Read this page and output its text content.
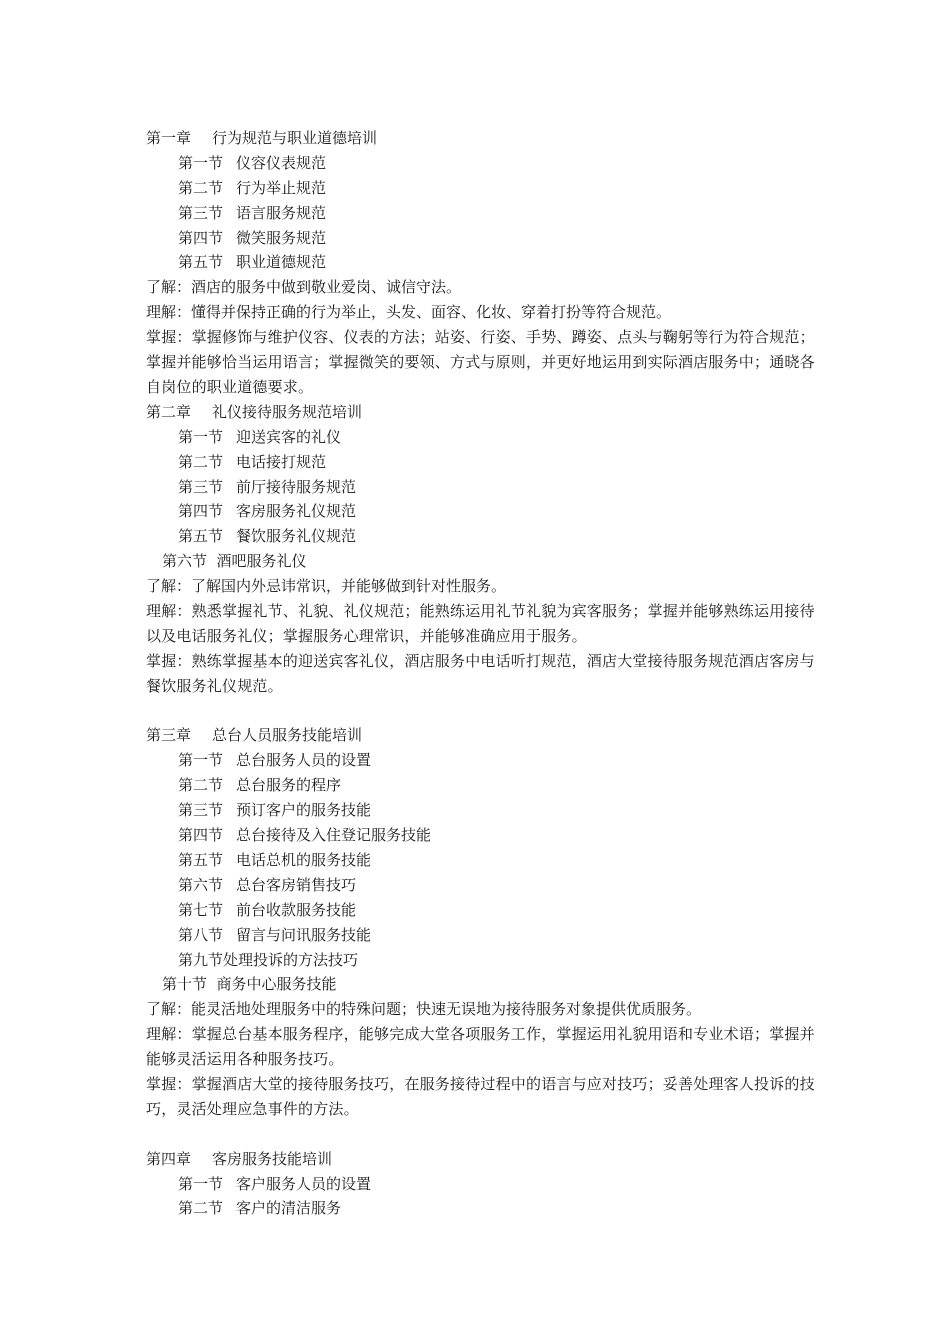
第一章 行为规范与职业道德培训
第一节 仪容仪表规范
第二节 行为举止规范
第三节 语言服务规范
第四节 微笑服务规范
第五节 职业道德规范
了解：酒店的服务中做到敬业爱岗、诚信守法。
理解：懂得并保持正确的行为举止，头发、面容、化妆、穿着打扮等符合规范。
掌握：掌握修饰与维护仪容、仪表的方法；站姿、行姿、手势、蹲姿、点头与鞠躬等行为符合规范；掌握并能够恰当运用语言；掌握微笑的要领、方式与原则，并更好地运用到实际酒店服务中；通晓各自岗位的职业道德要求。
第二章 礼仪接待服务规范培训
第一节 迎送宾客的礼仪
第二节 电话接打规范
第三节 前厅接待服务规范
第四节 客房服务礼仪规范
第五节 餐饮服务礼仪规范
第六节  酒吧服务礼仪
了解：了解国内外忌讳常识，并能够做到针对性服务。
理解：熟悉掌握礼节、礼貌、礼仪规范；能熟练运用礼节礼貌为宾客服务；掌握并能够熟练运用接待以及电话服务礼仪；掌握服务心理常识，并能够准确应用于服务。
掌握：熟练掌握基本的迎送宾客礼仪，酒店服务中电话听打规范，酒店大堂接待服务规范酒店客房与餐饮服务礼仪规范。
第三章 总台人员服务技能培训
第一节 总台服务人员的设置
第二节 总台服务的程序
第三节 预订客户的服务技能
第四节 总台接待及入住登记服务技能
第五节 电话总机的服务技能
第六节 总台客房销售技巧
第七节 前台收款服务技能
第八节 留言与问讯服务技能
第九节处理投诉的方法技巧
第十节  商务中心服务技能
了解：能灵活地处理服务中的特殊问题；快速无误地为接待服务对象提供优质服务。
理解：掌握总台基本服务程序，能够完成大堂各项服务工作，掌握运用礼貌用语和专业术语；掌握并能够灵活运用各种服务技巧。
掌握：掌握酒店大堂的接待服务技巧，在服务接待过程中的语言与应对技巧；妥善处理客人投诉的技巧，灵活处理应急事件的方法。
第四章 客房服务技能培训
第一节 客户服务人员的设置
第二节 客户的清洁服务
